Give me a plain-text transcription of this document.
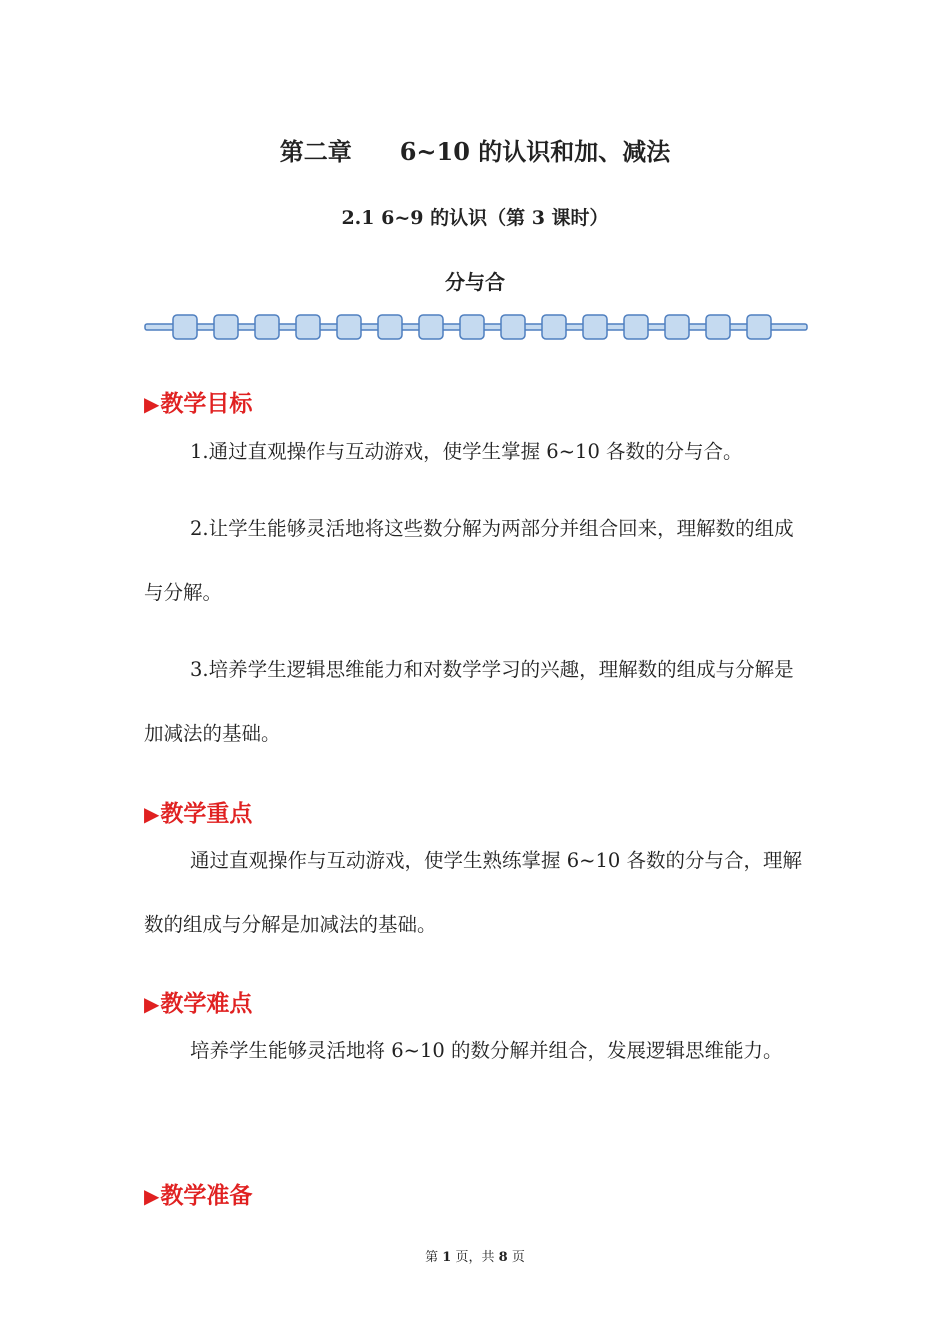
第二章　　6~10 的认识和加、减法
2.1 6~9 的认识（第 3 课时）
分与合
▶教学目标
1.通过直观操作与互动游戏，使学生掌握 6~10 各数的分与合。
2.让学生能够灵活地将这些数分解为两部分并组合回来，理解数的组成与分解。
3.培养学生逻辑思维能力和对数学学习的兴趣，理解数的组成与分解是加减法的基础。
▶教学重点
通过直观操作与互动游戏，使学生熟练掌握 6~10 各数的分与合，理解数的组成与分解是加减法的基础。
▶教学难点
培养学生能够灵活地将 6~10 的数分解并组合，发展逻辑思维能力。
▶教学准备
第 1 页，共 8 页
